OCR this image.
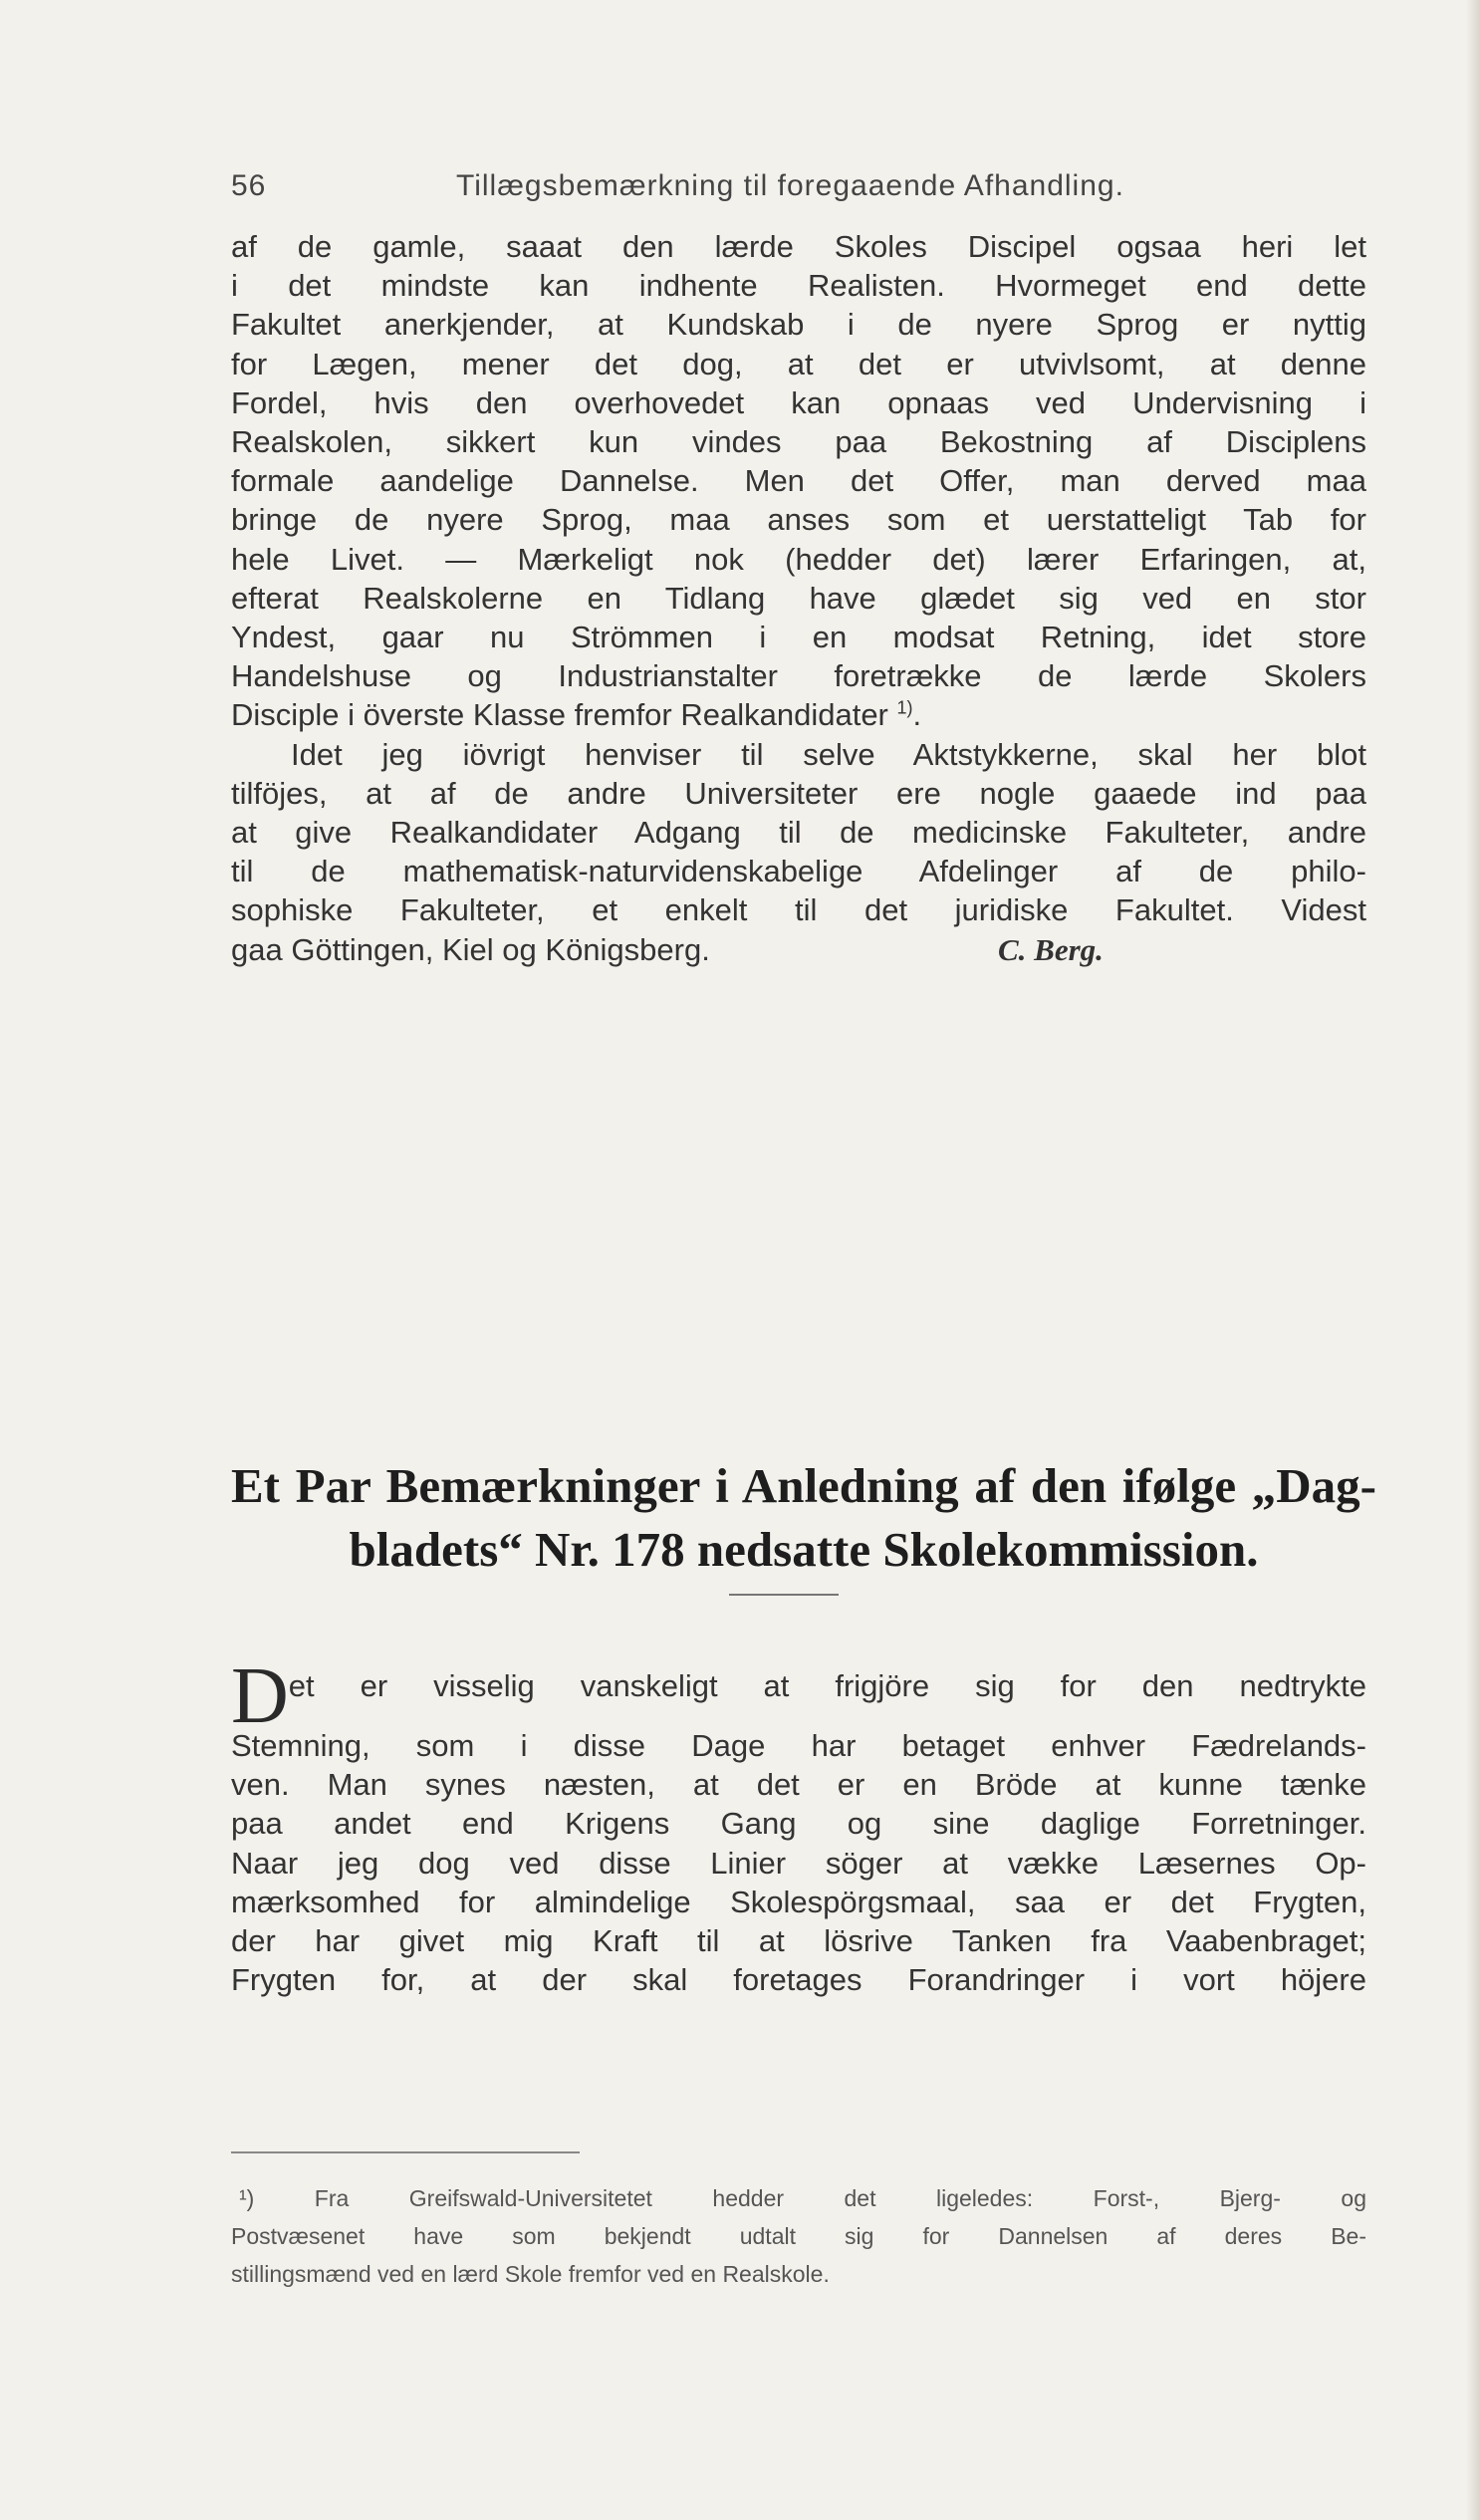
56	Tillægsbemærkning til foregaaende Afhandling.
af de gamle, saaat den lærde Skoles Discipel ogsaa heri let
i det mindste kan indhente Realisten. Hvormeget end dette
Fakultet anerkjender, at Kundskab i de nyere Sprog er nyttig
for Lægen, mener det dog, at det er utvivlsomt, at denne
Fordel, hvis den overhovedet kan opnaas ved Undervisning i
Realskolen, sikkert kun vindes paa Bekostning af Disciplens
formale aandelige Dannelse. Men det Offer, man derved maa
bringe de nyere Sprog, maa anses som et uerstatteligt Tab for
hele Livet. — Mærkeligt nok (hedder det) lærer Erfaringen, at,
efterat Realskolerne en Tidlang have glædet sig ved en stor
Yndest, gaar nu Strömmen i en modsat Retning, idet store
Handelshuse og Industrianstalter foretrække de lærde Skolers
Disciple i överste Klasse fremfor Realkandidater $^{1)}$.
Idet jeg iövrigt henviser til selve Aktstykkerne, skal her blot
tilföjes, at af de andre Universiteter ere nogle gaaede ind paa
at give Realkandidater Adgang til de medicinske Fakulteter, andre
til de mathematisk-naturvidenskabelige Afdelinger af de philo-
sophiske Fakulteter, et enkelt til det juridiske Fakultet. Videst
gaa Göttingen, Kiel og Königsberg.	C. Berg.
Et Par Bemærkninger i Anledning af den ifølge „Dag-
bladets“ Nr. 178 nedsatte Skolekommission.
D et er visselig vanskeligt at frigjöre sig for den nedtrykte
Stemning, som i disse Dage har betaget enhver Fædrelands-
ven. Man synes næsten, at det er en Bröde at kunne tænke
paa andet end Krigens Gang og sine daglige Forretninger.
Naar jeg dog ved disse Linier söger at vække Læsernes Op-
mærksomhed for almindelige Skolespörgsmaal, saa er det Frygten,
der har givet mig Kraft til at lösrive Tanken fra Vaabenbraget;
Frygten for, at der skal foretages Forandringer i vort höjere
¹) Fra Greifswald-Universitetet hedder det ligeledes: Forst-, Bjerg- og
Postvæsenet have som bekjendt udtalt sig for Dannelsen af deres Be-
stillingsmænd ved en lærd Skole fremfor ved en Realskole.
